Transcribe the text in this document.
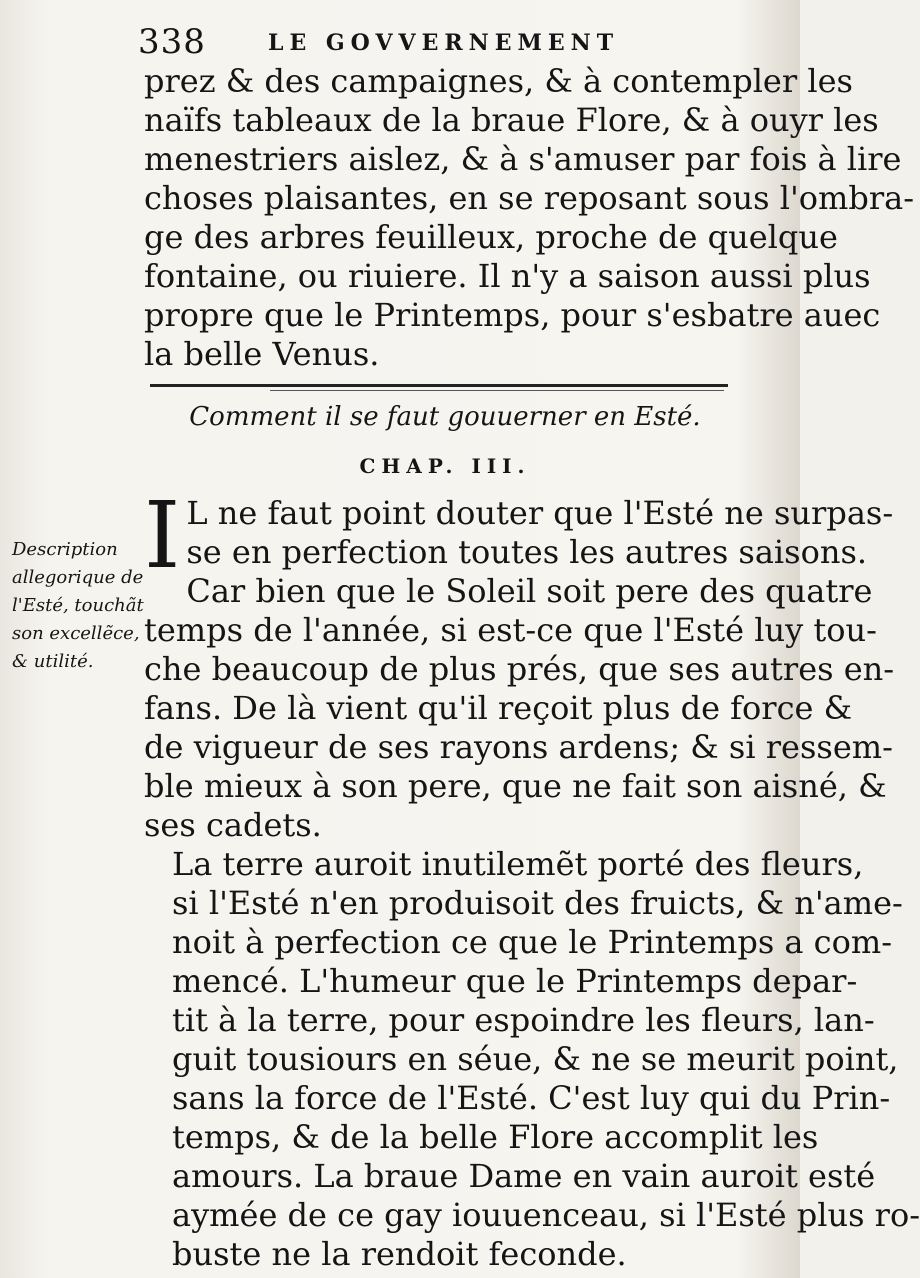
338	LE GOVVERNEMENT
prez & des campaignes, & à contempler les
naïfs tableaux de la braue Flore, & à ouyr les
menestriers aislez, & à s'amuser par fois à lire
choses plaisantes, en se reposant sous l'ombra-
ge des arbres feuilleux, proche de quelque
fontaine, ou riuiere. Il n'y a saison aussi plus
propre que le Printemps, pour s'esbatre auec
la belle Venus.
Comment il se faut gouuerner en Esté.
CHAP. III.
Description
allegorique de
l'Esté, touchãt
son excellẽce,
& utilité.

I L ne faut point douter que l'Esté ne surpas-
se en perfection toutes les autres saisons.
Car bien que le Soleil soit pere des quatre
temps de l'année, si est-ce que l'Esté luy tou-
che beaucoup de plus prés, que ses autres en-
fans. De là vient qu'il reçoit plus de force &
de vigueur de ses rayons ardens; & si ressem-
ble mieux à son pere, que ne fait son aisné, &
ses cadets.

La terre auroit inutilemẽt porté des fleurs,
si l'Esté n'en produisoit des fruicts, & n'ame-
noit à perfection ce que le Printemps a com-
mencé. L'humeur que le Printemps depar-
tit à la terre, pour espoindre les fleurs, lan-
guit tousiours en séue, & ne se meurit point,
sans la force de l'Esté. C'est luy qui du Prin-
temps, & de la belle Flore accomplit les
amours. La braue Dame en vain auroit esté
aymée de ce gay iouuenceau, si l'Esté plus ro-
buste ne la rendoit feconde.
